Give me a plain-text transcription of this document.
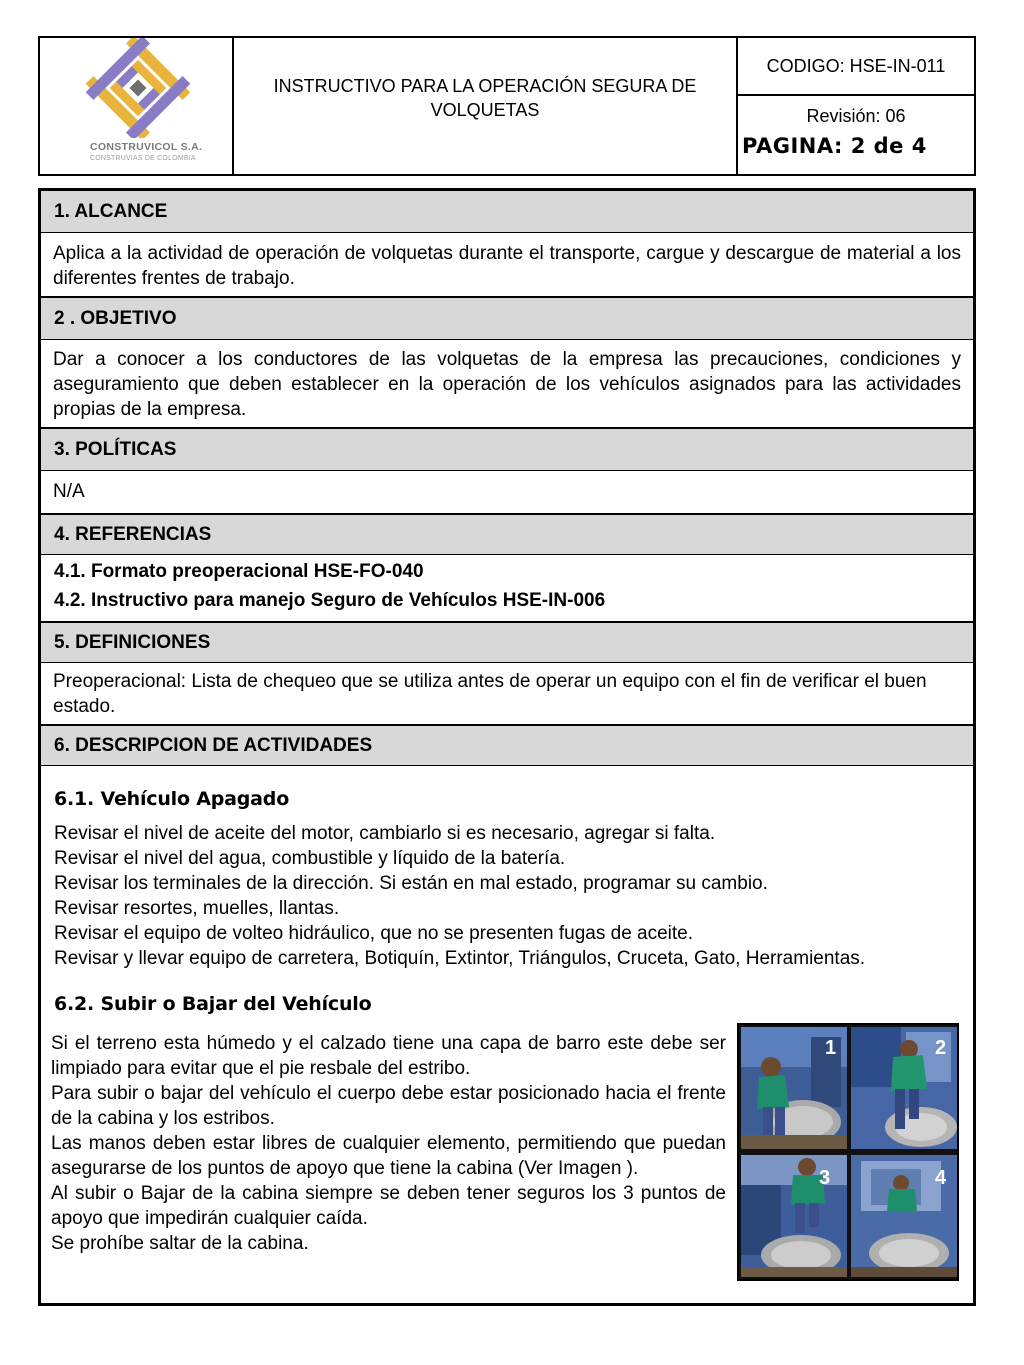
CONSTRUVICOL S.A.
CONSTRUVIAS DE COLOMBIA
INSTRUCTIVO PARA LA OPERACIÓN SEGURA DE VOLQUETAS
CODIGO: HSE-IN-011
Revisión: 06
PAGINA: 2 de 4
1. ALCANCE
Aplica a la actividad de operación de volquetas durante el transporte, cargue y descargue de material a los diferentes frentes de trabajo.
2 . OBJETIVO
Dar a conocer a los conductores de las volquetas de la empresa las precauciones, condiciones y aseguramiento que deben establecer en la operación de los vehículos asignados para las actividades propias de la empresa.
3. POLÍTICAS
N/A
4. REFERENCIAS
4.1. Formato preoperacional HSE-FO-040
4.2. Instructivo para manejo Seguro de Vehículos HSE-IN-006
5. DEFINICIONES
Preoperacional: Lista de chequeo que se utiliza antes de operar un equipo con el fin de verificar el buen estado.
6. DESCRIPCION DE ACTIVIDADES
6.1. Vehículo Apagado
Revisar el nivel de aceite del motor, cambiarlo si es necesario, agregar si falta.
Revisar el nivel del agua, combustible y líquido de la batería.
Revisar los terminales de la dirección. Si están en mal estado, programar su cambio.
Revisar resortes, muelles, llantas.
Revisar el equipo de volteo hidráulico, que no se presenten fugas de aceite.
Revisar y llevar equipo de carretera, Botiquín, Extintor, Triángulos, Cruceta, Gato, Herramientas.
6.2. Subir o Bajar del Vehículo
Si el terreno esta húmedo y el calzado tiene una capa de barro este debe ser limpiado para evitar que el pie resbale del estribo.
Para subir o bajar del vehículo el cuerpo debe estar posicionado hacia el frente de la cabina y los estribos.
Las manos deben estar libres de cualquier elemento, permitiendo que puedan asegurarse de los puntos de apoyo que tiene la cabina (Ver Imagen ).
Al subir o Bajar de la cabina siempre se deben tener seguros los 3 puntos de apoyo que impedirán cualquier caída.
Se prohíbe saltar de la cabina.
1	2
3	4
